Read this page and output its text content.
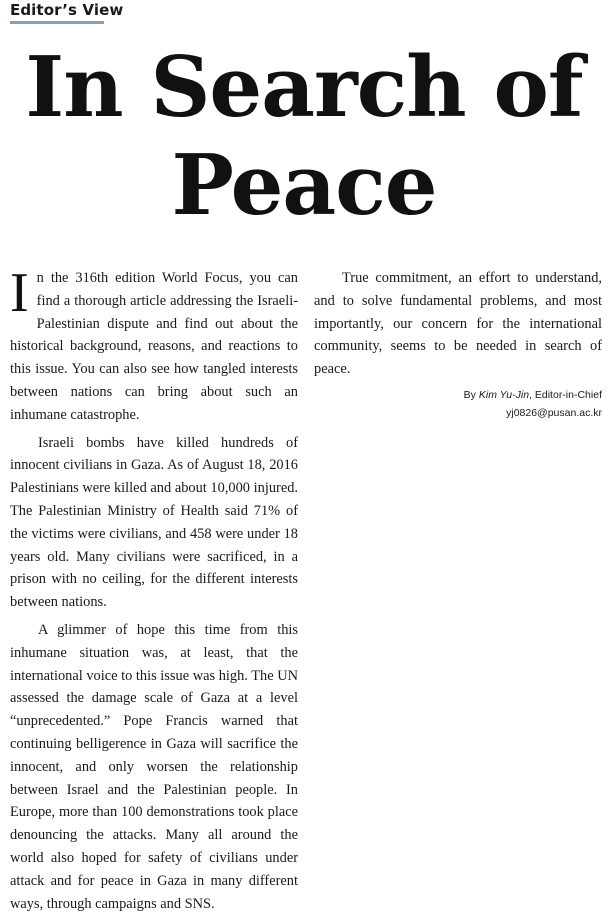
Editor’s View
In Search of
Peace

In the 316th edition World Focus, you can find a thorough article addressing the Israeli-Palestinian dispute and find out about the historical background, reasons, and reactions to this issue. You can also see how tangled interests between nations can bring about such an inhumane catastrophe.

Israeli bombs have killed hundreds of innocent civilians in Gaza. As of August 18, 2016 Palestinians were killed and about 10,000 injured. The Palestinian Ministry of Health said 71% of the victims were civilians, and 458 were under 18 years old. Many civilians were sacrificed, in a prison with no ceiling, for the different interests between nations.

A glimmer of hope this time from this inhumane situation was, at least, that the international voice to this issue was high. The UN assessed the damage scale of Gaza at a level “unprecedented.” Pope Francis warned that continuing belligerence in Gaza will sacrifice the innocent, and only worsen the relationship between Israel and the Palestinian people. In Europe, more than 100 demonstrations took place denouncing the attacks. Many all around the world also hoped for safety of civilians under attack and for peace in Gaza in many different ways, through campaigns and SNS.

True commitment, an effort to understand, and to solve fundamental problems, and most importantly, our concern for the international community, seems to be needed in search of peace.

By Kim Yu-Jin, Editor-in-Chief
yj0826@pusan.ac.kr
